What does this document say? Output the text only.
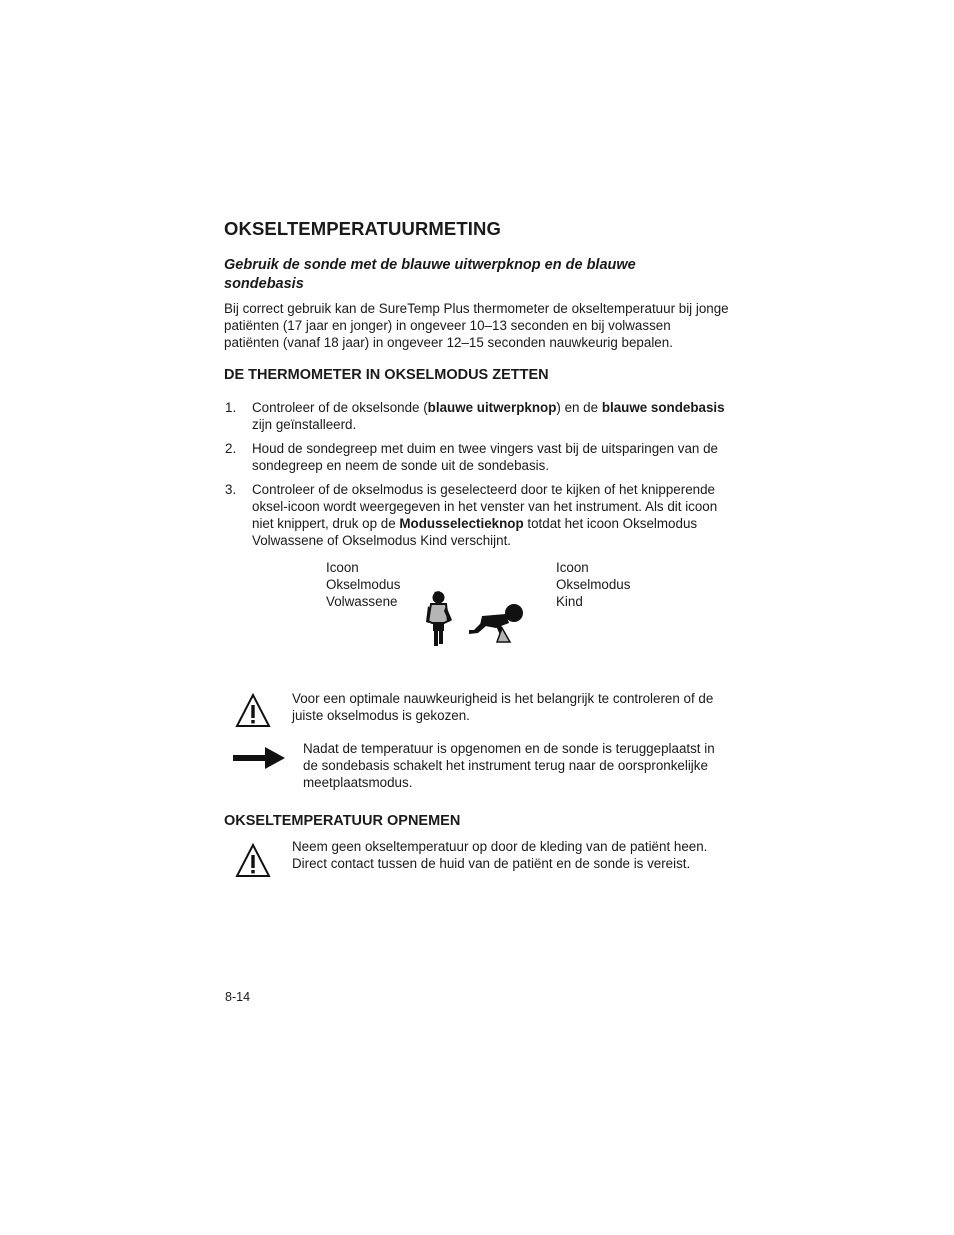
OKSELTEMPERATUURMETING
Gebruik de sonde met de blauwe uitwerpknop en de blauwe sondebasis

Bij correct gebruik kan de SureTemp Plus thermometer de okseltemperatuur bij jonge patiënten (17 jaar en jonger) in ongeveer 10–13 seconden en bij volwassen patiënten (vanaf 18 jaar) in ongeveer 12–15 seconden nauwkeurig bepalen.

DE THERMOMETER IN OKSELMODUS ZETTEN
1. Controleer of de okselsonde (blauwe uitwerpknop) en de blauwe sondebasis zijn geïnstalleerd.

2. Houd de sondegreep met duim en twee vingers vast bij de uitsparingen van de sondegreep en neem de sonde uit de sondebasis.

3. Controleer of de okselmodus is geselecteerd door te kijken of het knipperende oksel-icoon wordt weergegeven in het venster van het instrument. Als dit icoon niet knippert, druk op de Modusselectieknop totdat het icoon Okselmodus Volwassene of Okselmodus Kind verschijnt.

Icoon
Okselmodus
Volwassene
Icoon
Okselmodus
Kind

Voor een optimale nauwkeurigheid is het belangrijk te controleren of de juiste okselmodus is gekozen.

Nadat de temperatuur is opgenomen en de sonde is teruggeplaatst in de sondebasis schakelt het instrument terug naar de oorspronkelijke meetplaatsmodus.

OKSELTEMPERATUUR OPNEMEN

Neem geen okseltemperatuur op door de kleding van de patiënt heen. Direct contact tussen de huid van de patiënt en de sonde is vereist.

8-14
